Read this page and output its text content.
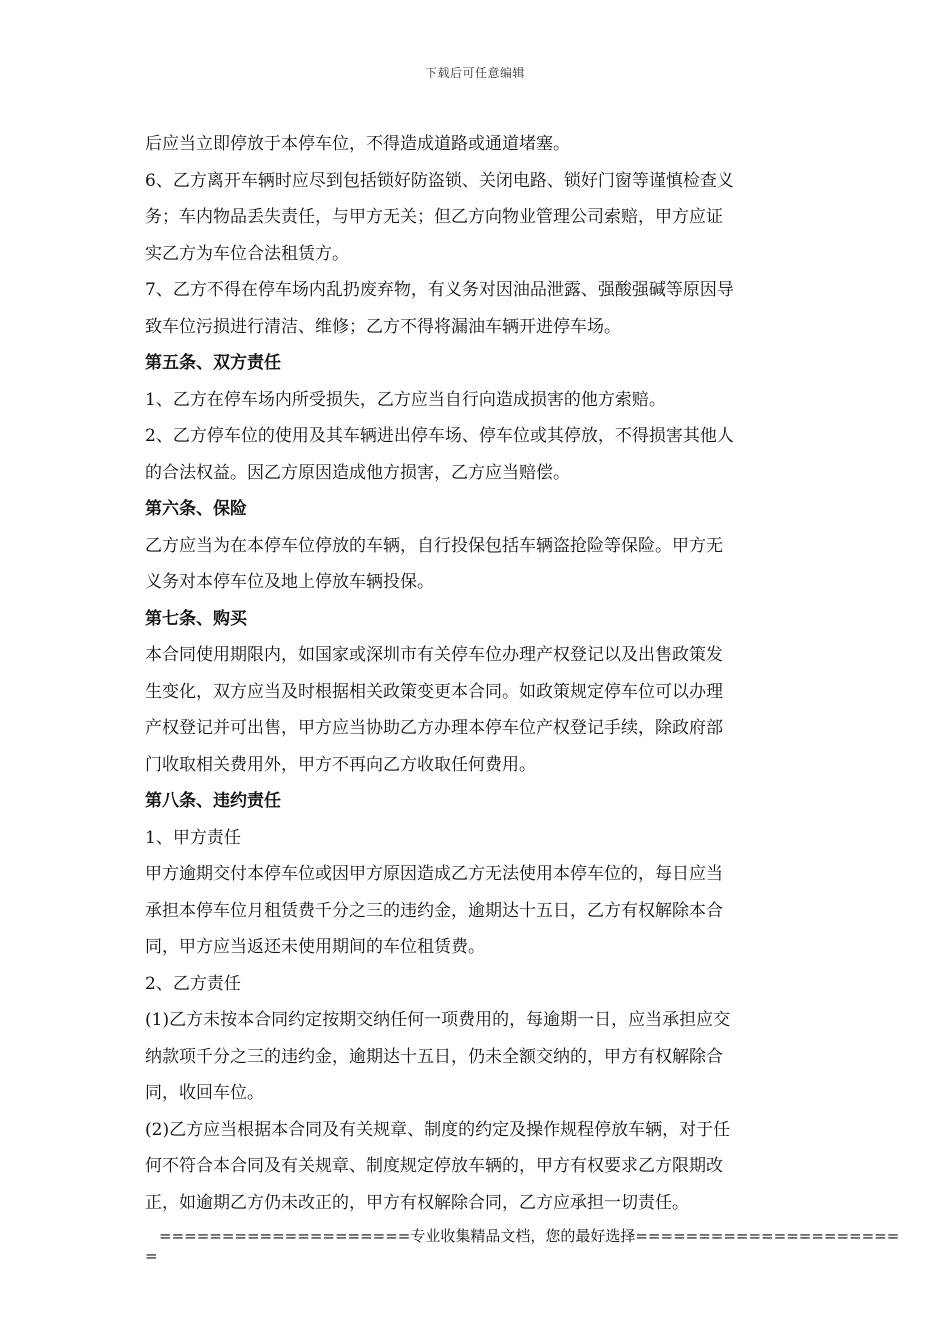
下载后可任意编辑
后应当立即停放于本停车位，不得造成道路或通道堵塞。
6、乙方离开车辆时应尽到包括锁好防盗锁、关闭电路、锁好门窗等谨慎检查义
务；车内物品丢失责任，与甲方无关；但乙方向物业管理公司索赔，甲方应证
实乙方为车位合法租赁方。
7、乙方不得在停车场内乱扔废弃物，有义务对因油品泄露、强酸强碱等原因导
致车位污损进行清洁、维修；乙方不得将漏油车辆开进停车场。
第五条、双方责任
1、乙方在停车场内所受损失，乙方应当自行向造成损害的他方索赔。
2、乙方停车位的使用及其车辆进出停车场、停车位或其停放，不得损害其他人
的合法权益。因乙方原因造成他方损害，乙方应当赔偿。
第六条、保险
乙方应当为在本停车位停放的车辆，自行投保包括车辆盗抢险等保险。甲方无
义务对本停车位及地上停放车辆投保。
第七条、购买
本合同使用期限内，如国家或深圳市有关停车位办理产权登记以及出售政策发
生变化，双方应当及时根据相关政策变更本合同。如政策规定停车位可以办理
产权登记并可出售，甲方应当协助乙方办理本停车位产权登记手续，除政府部
门收取相关费用外，甲方不再向乙方收取任何费用。
第八条、违约责任
1、甲方责任
甲方逾期交付本停车位或因甲方原因造成乙方无法使用本停车位的，每日应当
承担本停车位月租赁费千分之三的违约金，逾期达十五日，乙方有权解除本合
同，甲方应当返还未使用期间的车位租赁费。
2、乙方责任
(1)乙方未按本合同约定按期交纳任何一项费用的，每逾期一日，应当承担应交
纳款项千分之三的违约金，逾期达十五日，仍未全额交纳的，甲方有权解除合
同，收回车位。
(2)乙方应当根据本合同及有关规章、制度的约定及操作规程停放车辆，对于任
何不符合本合同及有关规章、制度规定停放车辆的，甲方有权要求乙方限期改
正，如逾期乙方仍未改正的，甲方有权解除合同，乙方应承担一切责任。
====================专业收集精品文档，您的最好选择=====================
=
